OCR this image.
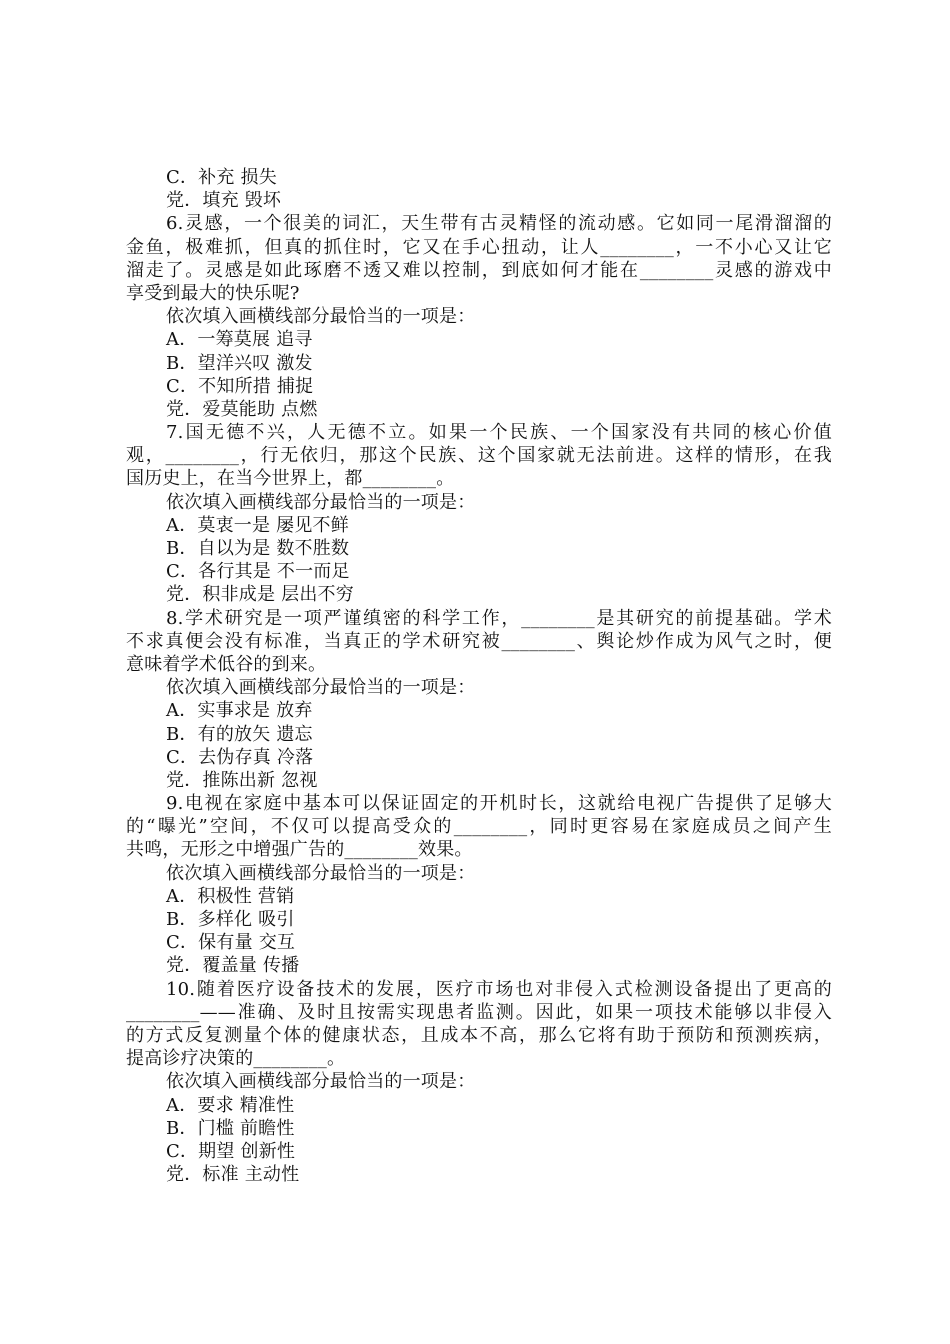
C．补充 损失
党．填充 毁坏
6.灵感，一个很美的词汇，天生带有古灵精怪的流动感。它如同一尾滑溜溜的
金鱼，极难抓，但真的抓住时，它又在手心扭动，让人________，一不小心又让它
溜走了。灵感是如此琢磨不透又难以控制，到底如何才能在________灵感的游戏中
享受到最大的快乐呢?
依次填入画横线部分最恰当的一项是：
A．一筹莫展 追寻
B．望洋兴叹 激发
C．不知所措 捕捉
党．爱莫能助 点燃
7.国无德不兴，人无德不立。如果一个民族、一个国家没有共同的核心价值
观，________，行无依归，那这个民族、这个国家就无法前进。这样的情形，在我
国历史上，在当今世界上，都________。
依次填入画横线部分最恰当的一项是：
A．莫衷一是 屡见不鲜
B．自以为是 数不胜数
C．各行其是 不一而足
党．积非成是 层出不穷
8.学术研究是一项严谨缜密的科学工作，________是其研究的前提基础。学术
不求真便会没有标准，当真正的学术研究被________、舆论炒作成为风气之时，便
意味着学术低谷的到来。
依次填入画横线部分最恰当的一项是：
A．实事求是 放弃
B．有的放矢 遗忘
C．去伪存真 冷落
党．推陈出新 忽视
9.电视在家庭中基本可以保证固定的开机时长，这就给电视广告提供了足够大
的“曝光”空间，不仅可以提高受众的________，同时更容易在家庭成员之间产生
共鸣，无形之中增强广告的________效果。
依次填入画横线部分最恰当的一项是：
A．积极性 营销
B．多样化 吸引
C．保有量 交互
党．覆盖量 传播
10.随着医疗设备技术的发展，医疗市场也对非侵入式检测设备提出了更高的
________——准确、及时且按需实现患者监测。因此，如果一项技术能够以非侵入
的方式反复测量个体的健康状态，且成本不高，那么它将有助于预防和预测疾病，
提高诊疗决策的________。
依次填入画横线部分最恰当的一项是：
A．要求 精准性
B．门槛 前瞻性
C．期望 创新性
党．标准 主动性
